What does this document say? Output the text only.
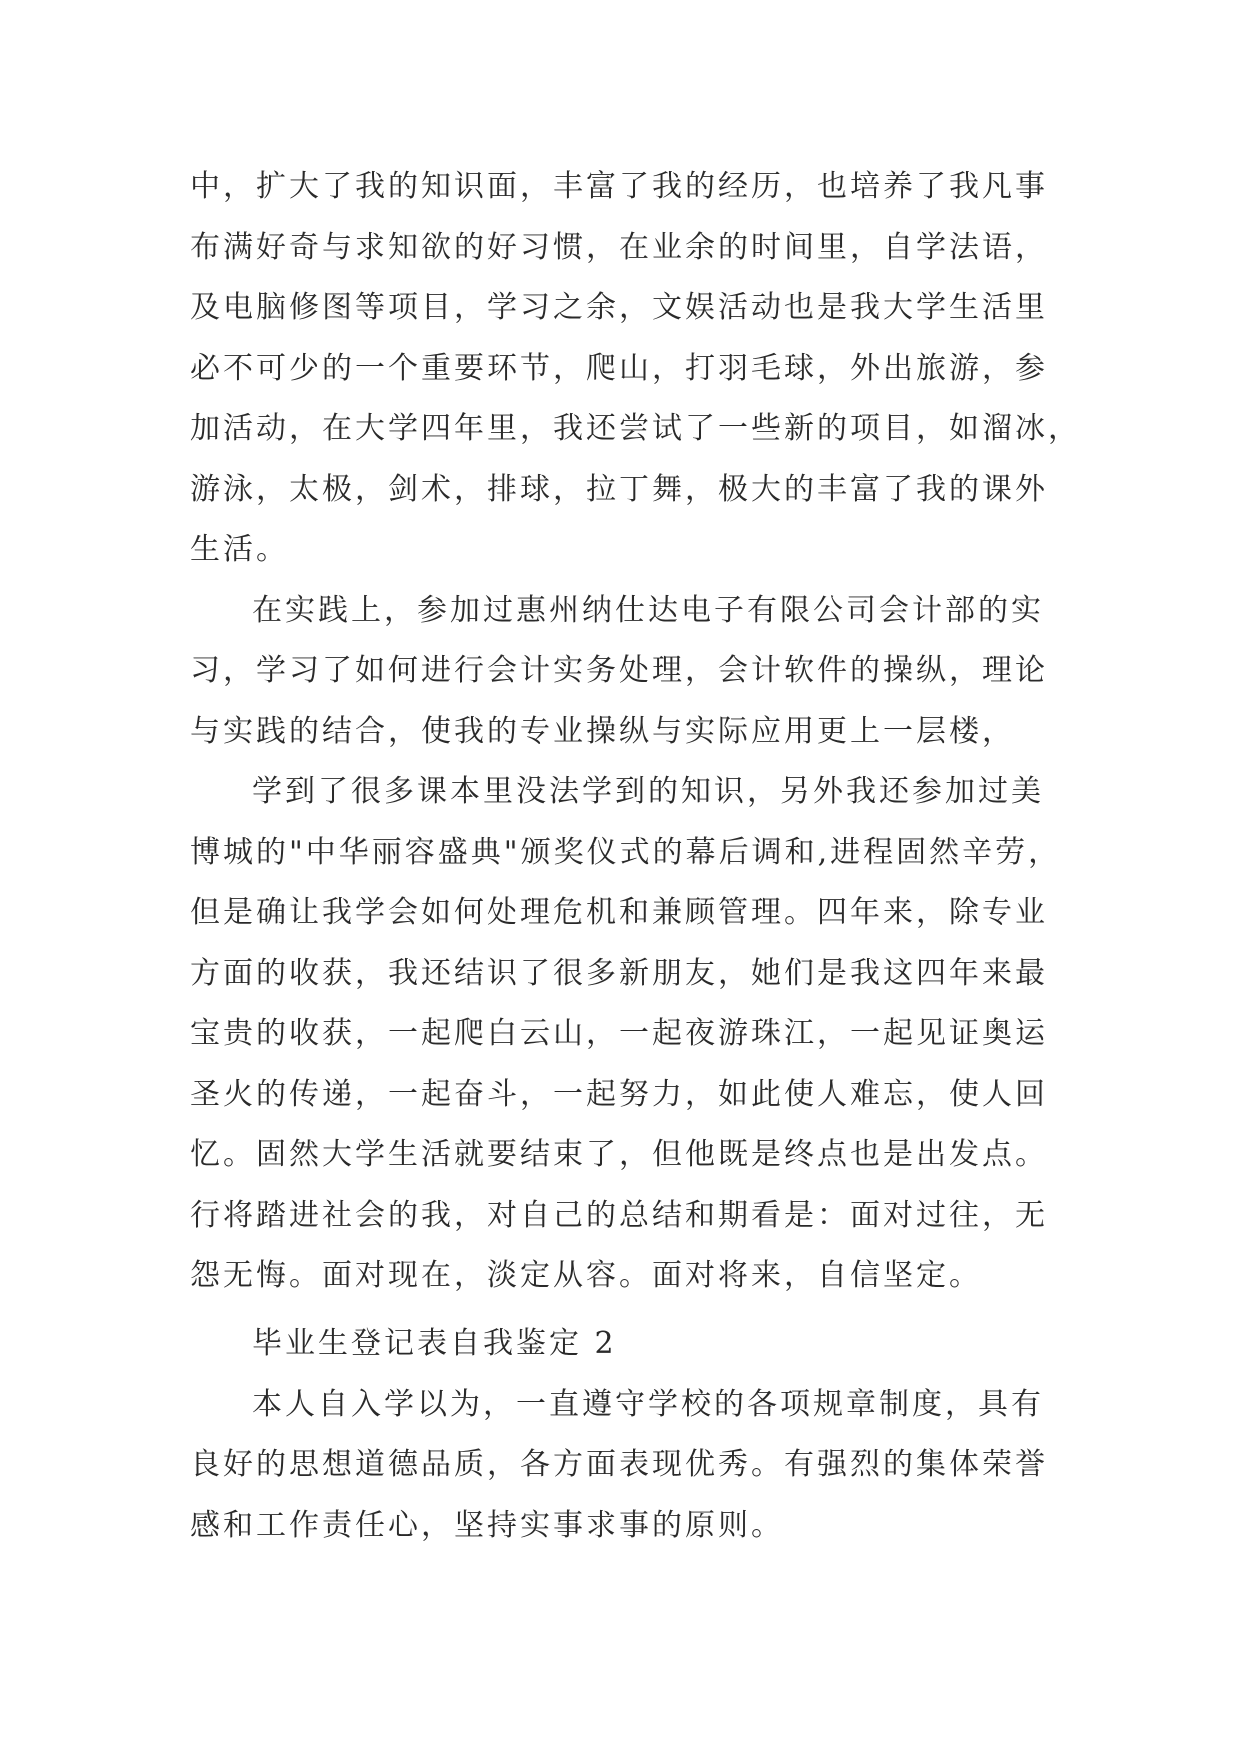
中，扩大了我的知识面，丰富了我的经历，也培养了我凡事
布满好奇与求知欲的好习惯，在业余的时间里，自学法语，
及电脑修图等项目，学习之余，文娱活动也是我大学生活里
必不可少的一个重要环节，爬山，打羽毛球，外出旅游，参
加活动，在大学四年里，我还尝试了一些新的项目，如溜冰，
游泳，太极，剑术，排球，拉丁舞，极大的丰富了我的课外
生活。
在实践上，参加过惠州纳仕达电子有限公司会计部的实
习，学习了如何进行会计实务处理，会计软件的操纵，理论
与实践的结合，使我的专业操纵与实际应用更上一层楼，
学到了很多课本里没法学到的知识，另外我还参加过美
博城的"中华丽容盛典"颁奖仪式的幕后调和,进程固然辛劳，
但是确让我学会如何处理危机和兼顾管理。四年来，除专业
方面的收获，我还结识了很多新朋友，她们是我这四年来最
宝贵的收获，一起爬白云山，一起夜游珠江，一起见证奥运
圣火的传递，一起奋斗，一起努力，如此使人难忘，使人回
忆。固然大学生活就要结束了，但他既是终点也是出发点。
行将踏进社会的我，对自己的总结和期看是：面对过往，无
怨无悔。面对现在，淡定从容。面对将来，自信坚定。
毕业生登记表自我鉴定 2
本人自入学以为，一直遵守学校的各项规章制度，具有
良好的思想道德品质，各方面表现优秀。有强烈的集体荣誉
感和工作责任心，坚持实事求事的原则。
